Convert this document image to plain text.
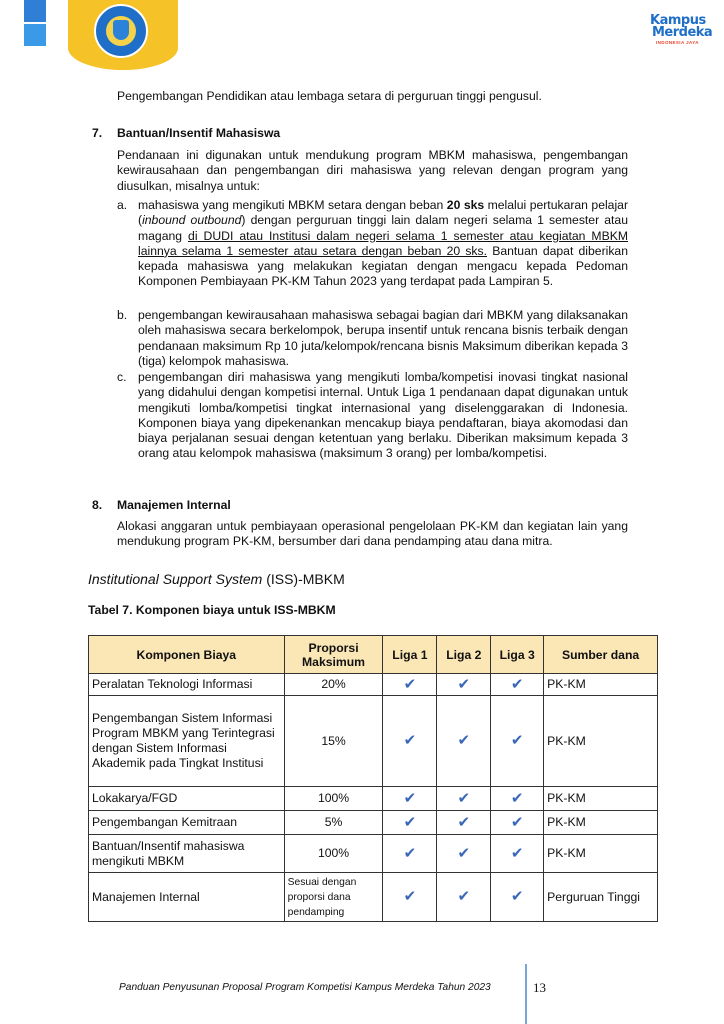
Kampus
Merdeka
INDONESIA JAYA
Pengembangan Pendidikan atau lembaga setara di perguruan tinggi pengusul.
7. Bantuan/Insentif Mahasiswa
Pendanaan ini digunakan untuk mendukung program MBKM mahasiswa, pengembangan kewirausahaan dan pengembangan diri mahasiswa yang relevan dengan program yang diusulkan, misalnya untuk:
a. mahasiswa yang mengikuti MBKM setara dengan beban 20 sks melalui pertukaran pelajar (inbound outbound) dengan perguruan tinggi lain dalam negeri selama 1 semester atau magang di DUDI atau Institusi dalam negeri selama 1 semester atau kegiatan MBKM lainnya selama 1 semester atau setara dengan beban 20 sks. Bantuan dapat diberikan kepada mahasiswa yang melakukan kegiatan dengan mengacu kepada Pedoman Komponen Pembiayaan PK-KM Tahun 2023 yang terdapat pada Lampiran 5.
b. pengembangan kewirausahaan mahasiswa sebagai bagian dari MBKM yang dilaksanakan oleh mahasiswa secara berkelompok, berupa insentif untuk rencana bisnis terbaik dengan pendanaan maksimum Rp 10 juta/kelompok/rencana bisnis Maksimum diberikan kepada 3 (tiga) kelompok mahasiswa.
c. pengembangan diri mahasiswa yang mengikuti lomba/kompetisi inovasi tingkat nasional yang didahului dengan kompetisi internal. Untuk Liga 1 pendanaan dapat digunakan untuk mengikuti lomba/kompetisi tingkat internasional yang diselenggarakan di Indonesia. Komponen biaya yang dipekenankan mencakup biaya pendaftaran, biaya akomodasi dan biaya perjalanan sesuai dengan ketentuan yang berlaku. Diberikan maksimum kepada 3 orang atau kelompok mahasiswa (maksimum 3 orang) per lomba/kompetisi.
8. Manajemen Internal
Alokasi anggaran untuk pembiayaan operasional pengelolaan PK-KM dan kegiatan lain yang mendukung program PK-KM, bersumber dari dana pendamping atau dana mitra.
Institutional Support System (ISS)-MBKM
Tabel 7. Komponen biaya untuk ISS-MBKM
Komponen Biaya	Proporsi Maksimum	Liga 1	Liga 2	Liga 3	Sumber dana
Peralatan Teknologi Informasi	20%	✔	✔	✔	PK-KM
Pengembangan Sistem Informasi Program MBKM yang Terintegrasi dengan Sistem Informasi Akademik pada Tingkat Institusi	15%	✔	✔	✔	PK-KM
Lokakarya/FGD	100%	✔	✔	✔	PK-KM
Pengembangan Kemitraan	5%	✔	✔	✔	PK-KM
Bantuan/Insentif mahasiswa mengikuti MBKM	100%	✔	✔	✔	PK-KM
Manajemen Internal	Sesuai dengan proporsi dana pendamping	✔	✔	✔	Perguruan Tinggi
Panduan Penyusunan Proposal Program Kompetisi Kampus Merdeka Tahun 2023	13
